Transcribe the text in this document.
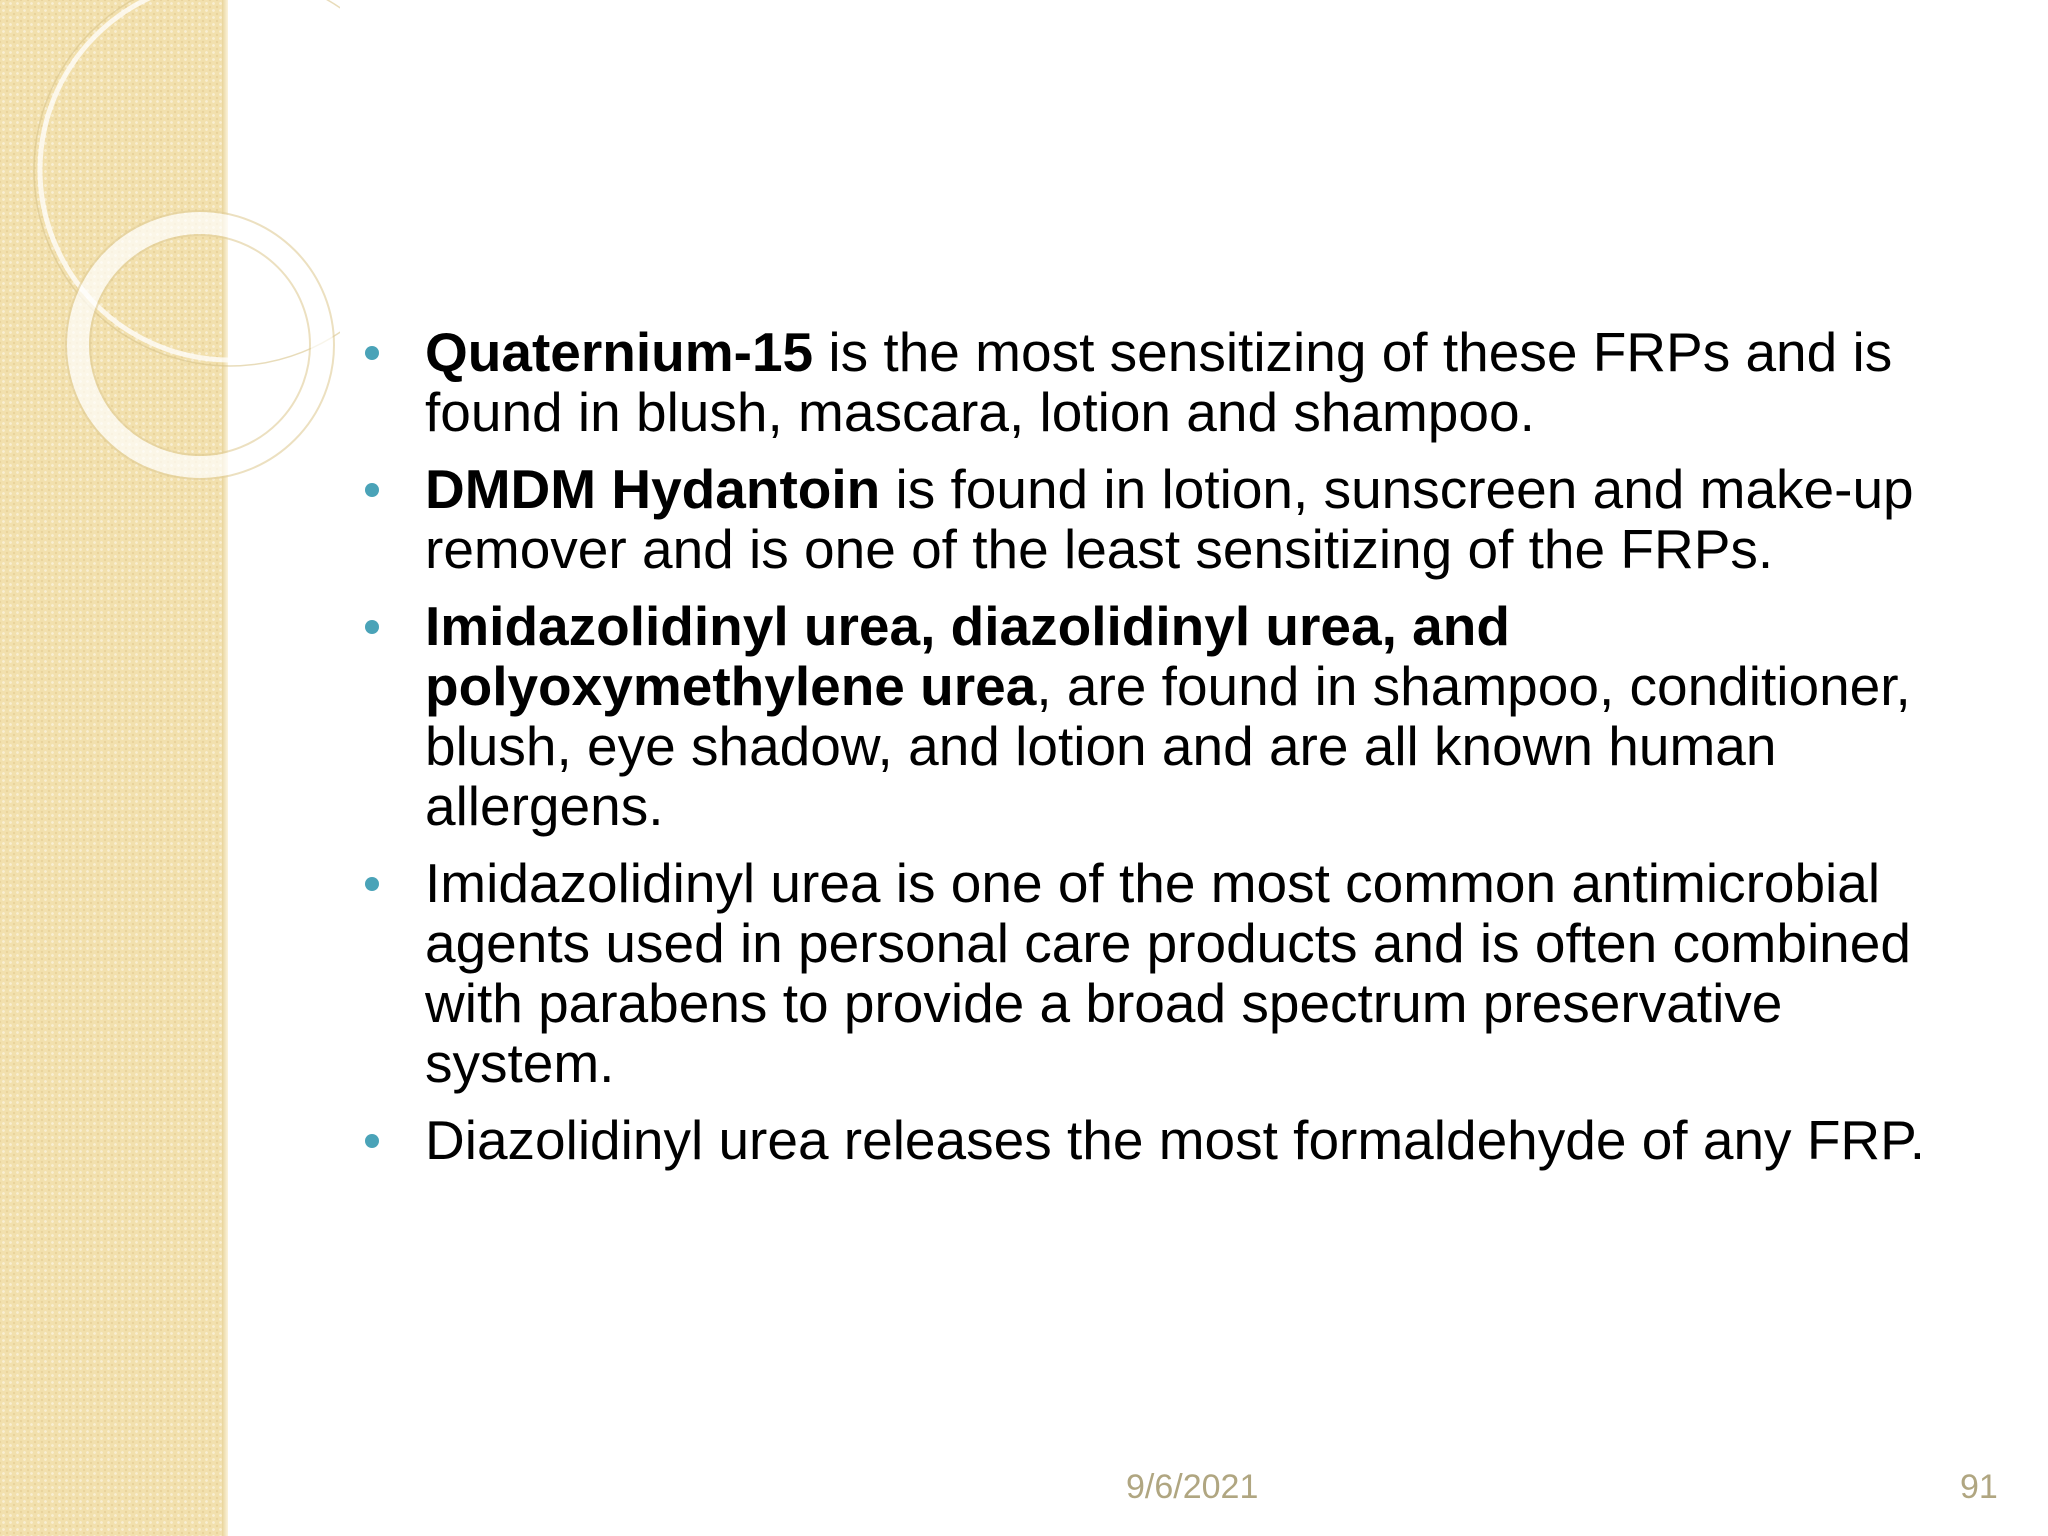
Quaternium-15 is the most sensitizing of these FRPs and is found in blush, mascara, lotion and shampoo.
DMDM Hydantoin is found in lotion, sunscreen and make-up remover and is one of the least sensitizing of the FRPs.
Imidazolidinyl urea, diazolidinyl urea, and polyoxymethylene urea, are found in shampoo, conditioner, blush, eye shadow, and lotion and are all known human allergens.
Imidazolidinyl urea is one of the most common antimicrobial agents used in personal care products and is often combined with parabens to provide a broad spectrum preservative system.
Diazolidinyl urea releases the most formaldehyde of any FRP.
9/6/2021	91
